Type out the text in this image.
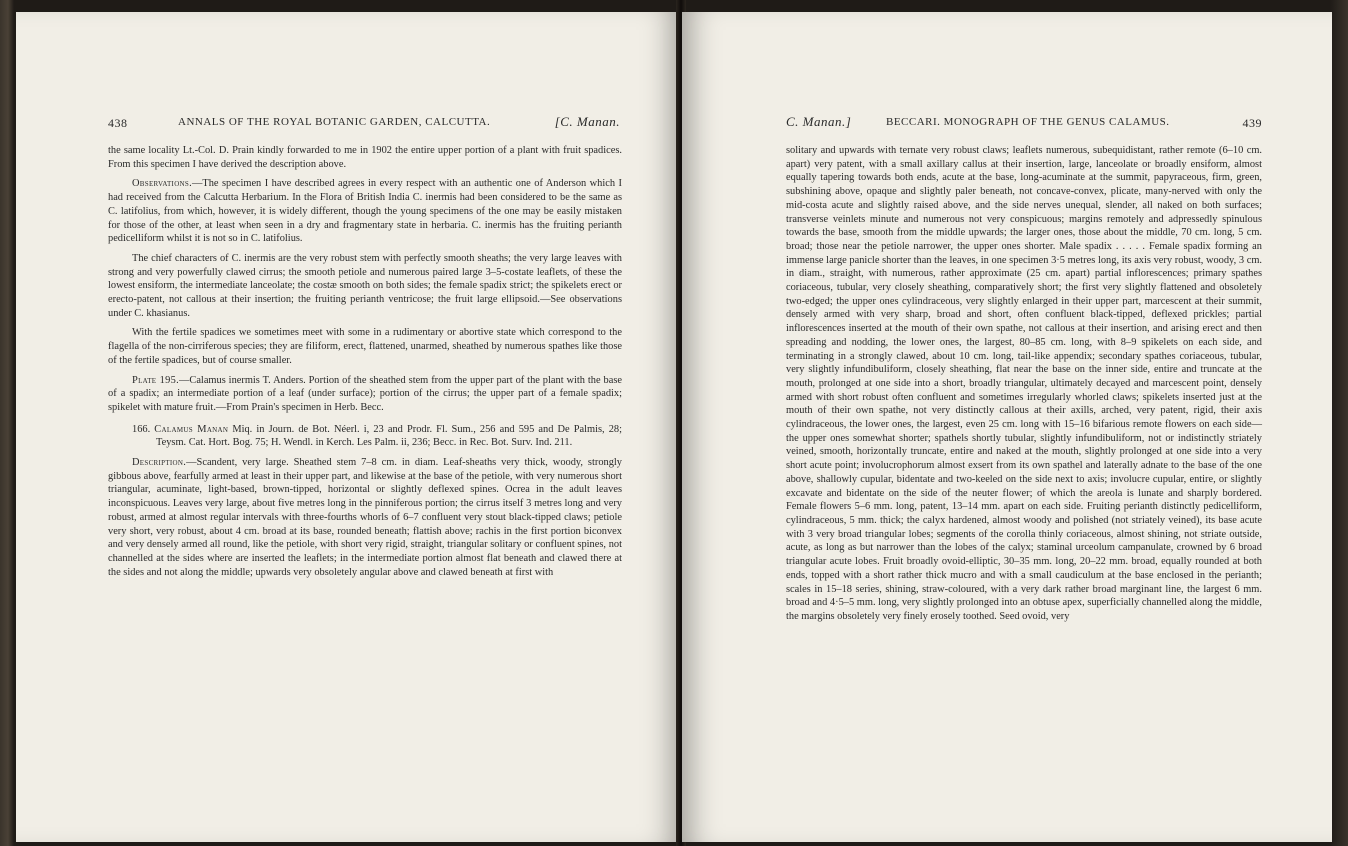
438	ANNALS OF THE ROYAL BOTANIC GARDEN, CALCUTTA.	[C. Manan.

the same locality Lt.-Col. D. Prain kindly forwarded to me in 1902 the entire upper portion of a plant with fruit spadices. From this specimen I have derived the description above.

Observations.—The specimen I have described agrees in every respect with an authentic one of Anderson which I had received from the Calcutta Herbarium. In the Flora of British India C. inermis had been considered to be the same as C. latifolius, from which, however, it is widely different, though the young specimens of the one may be easily mistaken for those of the other, at least when seen in a dry and fragmentary state in herbaria. C. inermis has the fruiting perianth pedicelliform whilst it is not so in C. latifolius.

The chief characters of C. inermis are the very robust stem with perfectly smooth sheaths; the very large leaves with strong and very powerfully clawed cirrus; the smooth petiole and numerous paired large 3–5-costate leaflets, of these the lowest ensiform, the intermediate lanceolate; the costæ smooth on both sides; the female spadix strict; the spikelets erect or erecto-patent, not callous at their insertion; the fruiting perianth ventricose; the fruit large ellipsoid.—See observations under C. khasianus.

With the fertile spadices we sometimes meet with some in a rudimentary or abortive state which correspond to the flagella of the non-cirriferous species; they are filiform, erect, flattened, unarmed, sheathed by numerous spathes like those of the fertile spadices, but of course smaller.

Plate 195.—Calamus inermis T. Anders. Portion of the sheathed stem from the upper part of the plant with the base of a spadix; an intermediate portion of a leaf (under surface); portion of the cirrus; the upper part of a female spadix; spikelet with mature fruit.—From Prain's specimen in Herb. Becc.

166. Calamus Manan Miq. in Journ. de Bot. Néerl. i, 23 and Prodr. Fl. Sum., 256 and 595 and De Palmis, 28; Teysm. Cat. Hort. Bog. 75; H. Wendl. in Kerch. Les Palm. ii, 236; Becc. in Rec. Bot. Surv. Ind. 211.

Description.—Scandent, very large. Sheathed stem 7–8 cm. in diam. Leaf-sheaths very thick, woody, strongly gibbous above, fearfully armed at least in their upper part, and likewise at the base of the petiole, with very numerous short triangular, acuminate, light-based, brown-tipped, horizontal or slightly deflexed spines. Ocrea in the adult leaves inconspicuous. Leaves very large, about five metres long in the pinniferous portion; the cirrus itself 3 metres long and very robust, armed at almost regular intervals with three-fourths whorls of 6–7 confluent very stout black-tipped claws; petiole very short, very robust, about 4 cm. broad at its base, rounded beneath; flattish above; rachis in the first portion biconvex and very densely armed all round, like the petiole, with short very rigid, straight, triangular solitary or confluent spines, not channelled at the sides where are inserted the leaflets; in the intermediate portion almost flat beneath and clawed there at the sides and not along the middle; upwards very obsoletely angular above and clawed beneath at first with

C. Manan.]	BECCARI. MONOGRAPH OF THE GENUS CALAMUS.	439

solitary and upwards with ternate very robust claws; leaflets numerous, subequidistant, rather remote (6–10 cm. apart) very patent, with a small axillary callus at their insertion, large, lanceolate or broadly ensiform, almost equally tapering towards both ends, acute at the base, long-acuminate at the summit, papyraceous, firm, green, subshining above, opaque and slightly paler beneath, not concave-convex, plicate, many-nerved with only the mid-costa acute and slightly raised above, and the side nerves unequal, slender, all naked on both surfaces; transverse veinlets minute and numerous not very conspicuous; margins remotely and adpressedly spinulous towards the base, smooth from the middle upwards; the larger ones, those about the middle, 70 cm. long, 5 cm. broad; those near the petiole narrower, the upper ones shorter. Male spadix . . . . . Female spadix forming an immense large panicle shorter than the leaves, in one specimen 3·5 metres long, its axis very robust, woody, 3 cm. in diam., straight, with numerous, rather approximate (25 cm. apart) partial inflorescences; primary spathes coriaceous, tubular, very closely sheathing, comparatively short; the first very slightly flattened and obsoletely two-edged; the upper ones cylindraceous, very slightly enlarged in their upper part, marcescent at their summit, densely armed with very sharp, broad and short, often confluent black-tipped, deflexed prickles; partial inflorescences inserted at the mouth of their own spathe, not callous at their insertion, and arising erect and then spreading and nodding, the lower ones, the largest, 80–85 cm. long, with 8–9 spikelets on each side, and terminating in a strongly clawed, about 10 cm. long, tail-like appendix; secondary spathes coriaceous, tubular, very slightly infundibuliform, closely sheathing, flat near the base on the inner side, entire and truncate at the mouth, prolonged at one side into a short, broadly triangular, ultimately decayed and marcescent point, densely armed with short robust often confluent and sometimes irregularly whorled claws; spikelets inserted just at the mouth of their own spathe, not very distinctly callous at their axills, arched, very patent, rigid, their axis cylindraceous, the lower ones, the largest, even 25 cm. long with 15–16 bifarious remote flowers on each side—the upper ones somewhat shorter; spathels shortly tubular, slightly infundibuliform, not or indistinctly striately veined, smooth, horizontally truncate, entire and naked at the mouth, slightly prolonged at one side into a very short acute point; involucrophorum almost exsert from its own spathel and laterally adnate to the base of the one above, shallowly cupular, bidentate and two-keeled on the side next to axis; involucre cupular, entire, or slightly excavate and bidentate on the side of the neuter flower; of which the areola is lunate and sharply bordered. Female flowers 5–6 mm. long, patent, 13–14 mm. apart on each side. Fruiting perianth distinctly pedicelliform, cylindraceous, 5 mm. thick; the calyx hardened, almost woody and polished (not striately veined), its base acute with 3 very broad triangular lobes; segments of the corolla thinly coriaceous, almost shining, not striate outside, acute, as long as but narrower than the lobes of the calyx; staminal urceolum campanulate, crowned by 6 broad triangular acute lobes. Fruit broadly ovoid-elliptic, 30–35 mm. long, 20–22 mm. broad, equally rounded at both ends, topped with a short rather thick mucro and with a small caudiculum at the base enclosed in the perianth; scales in 15–18 series, shining, straw-coloured, with a very dark rather broad marginant line, the largest 6 mm. broad and 4·5–5 mm. long, very slightly prolonged into an obtuse apex, superficially channelled along the middle, the margins obsoletely very finely erosely toothed. Seed ovoid, very
